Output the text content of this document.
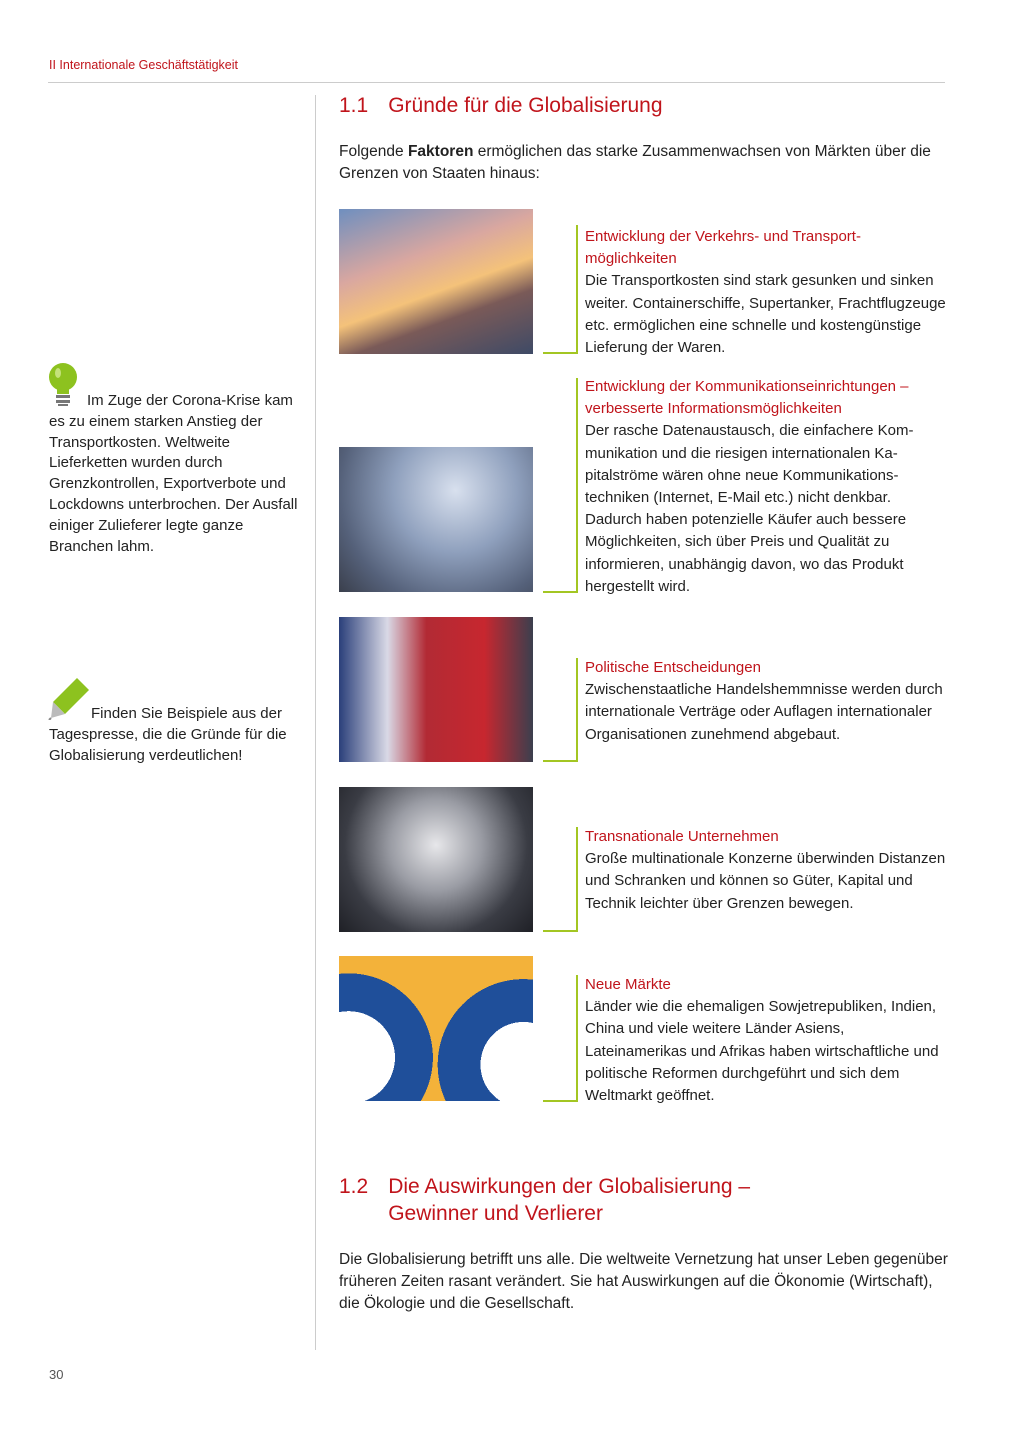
II Internationale Geschäftstätigkeit
1.1 Gründe für die Globalisierung

Folgende Faktoren ermöglichen das starke Zusammenwachsen von Märkten über die Grenzen von Staaten hinaus:

Entwicklung der Verkehrs- und Transportmöglichkeiten
Die Transportkosten sind stark gesunken und sinken weiter. Containerschiffe, Supertanker, Frachtflugzeuge etc. ermöglichen eine schnelle und kostengünstige Lieferung der Waren.
Entwicklung der Kommunikationseinrichtungen – verbesserte Informationsmöglichkeiten
Der rasche Datenaustausch, die einfachere Kommunikation und die riesigen internationalen Kapitalströme wären ohne neue Kommunikationstechniken (Internet, E-Mail etc.) nicht denkbar. Dadurch haben potenzielle Käufer auch bessere Möglichkeiten, sich über Preis und Qualität zu informieren, unabhängig davon, wo das Produkt hergestellt wird.
Politische Entscheidungen
Zwischenstaatliche Handelshemmnisse werden durch internationale Verträge oder Auflagen internationaler Organisationen zunehmend abgebaut.
Transnationale Unternehmen
Große multinationale Konzerne überwinden Distanzen und Schranken und können so Güter, Kapital und Technik leichter über Grenzen bewegen.
Neue Märkte
Länder wie die ehemaligen Sowjetrepubliken, Indien, China und viele weitere Länder Asiens, Lateinamerikas und Afrikas haben wirtschaftliche und politische Reformen durchgeführt und sich dem Weltmarkt geöffnet.
Im Zuge der Corona-Krise kam es zu einem starken Anstieg der Transportkosten. Weltweite Lieferketten wurden durch Grenzkontrollen, Exportverbote und Lockdowns unterbrochen. Der Ausfall einiger Zulieferer legte ganze Branchen lahm.
Finden Sie Beispiele aus der Tagespresse, die die Gründe für die Globalisierung verdeutlichen!
1.2 Die Auswirkungen der Globalisierung –
Gewinner und Verlierer

Die Globalisierung betrifft uns alle. Die weltweite Vernetzung hat unser Leben gegenüber früheren Zeiten rasant verändert. Sie hat Auswirkungen auf die Ökonomie (Wirtschaft), die Ökologie und die Gesellschaft.

30
